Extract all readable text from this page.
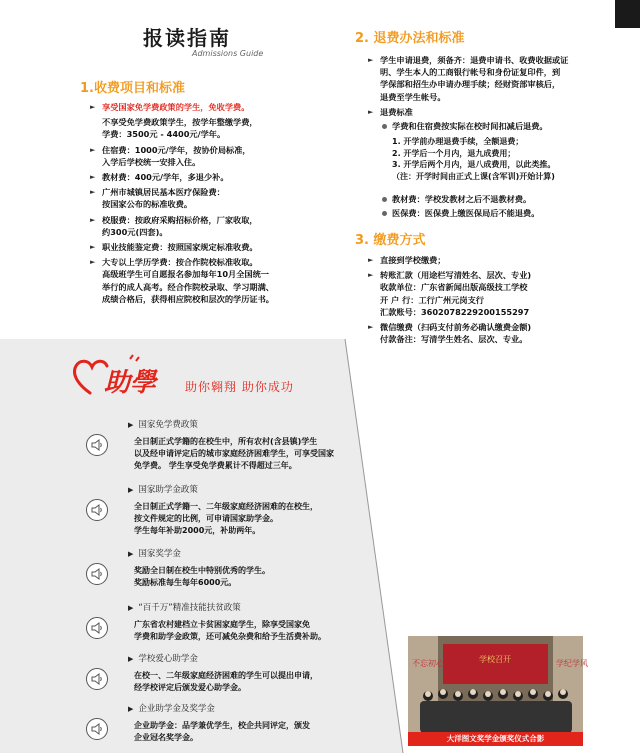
报读指南
Admissions Guide
1.收费项目和标准
► 享受国家免学费政策的学生，免收学费。
不享受免学费政策学生，按学年整缴学费，
学费：3500元 - 4400元/学年。
► 住宿费：1000元/学年，按协价局标准，
入学后学校统一安排入住。
► 教材费：400元/学年，多退少补。
► 广州市城镇居民基本医疗保险费：
按国家公布的标准收费。
► 校服费：按政府采购招标价格，厂家收取，
约300元(四套)。
► 职业技能鉴定费：按照国家规定标准收费。
► 大专以上学历学费：按合作院校标准收取。
高级班学生可自愿报名参加每年10月全国统一
举行的成人高考。经合作院校录取、学习期满、
成绩合格后，获得相应院校和层次的学历证书。
2. 退费办法和标准
► 学生申请退费，须备齐：退费申请书、收费收据或证
明、学生本人的工商银行帐号和身份证复印件，到
学保部和招生办申请办理手续；经财资部审核后，
退费至学生帐号。
► 退费标准
学费和住宿费按实际在校时间扣减后退费。
1. 开学前办理退费手续，全额退费；
2. 开学后一个月内，退九成费用；
3. 开学后两个月内，退八成费用，以此类推。
（注：开学时间由正式上课(含军训)开始计算)
教材费：学校发教材之后不退教材费。
医保费：医保费上缴医保局后不能退费。
3. 缴费方式
► 直接到学校缴费；
► 转账汇款（用途栏写清姓名、层次、专业)
收款单位：广东省新闻出版高级技工学校
开 户 行：工行广州元岗支行
汇款账号：3602078229200155297
► 微信缴费（扫码支付前务必确认缴费金额)
付款备注：写清学生姓名、层次、专业。
助學 助你翱翔 助你成功
▶ 国家免学费政策
全日制正式学籍的在校生中，所有农村(含县镇)学生
以及经申请评定后的城市家庭经济困难学生，可享受国家
免学费。 学生享受免学费累计不得超过三年。
▶ 国家助学金政策
全日制正式学籍一、二年级家庭经济困难的在校生，
按文件规定的比例，可申请国家助学金。
学生每年补助2000元，补助两年。
▶ 国家奖学金
奖励全日制在校生中特别优秀的学生。
奖励标准每生每年6000元。
▶ “百千万”精准技能扶贫政策
广东省农村建档立卡贫困家庭学生，除享受国家免
学费和助学金政策，还可减免杂费和给予生活费补助。
▶ 学校爱心助学金
在校一、二年级家庭经济困难的学生可以提出申请，
经学校评定后颁发爱心助学金。
▶ 企业助学金及奖学金
企业助学金：品学兼优学生，校企共同评定，颁发
企业冠名奖学金。
学校召开
不忘初心	学纪学风
大洋图文奖学金颁奖仪式合影
